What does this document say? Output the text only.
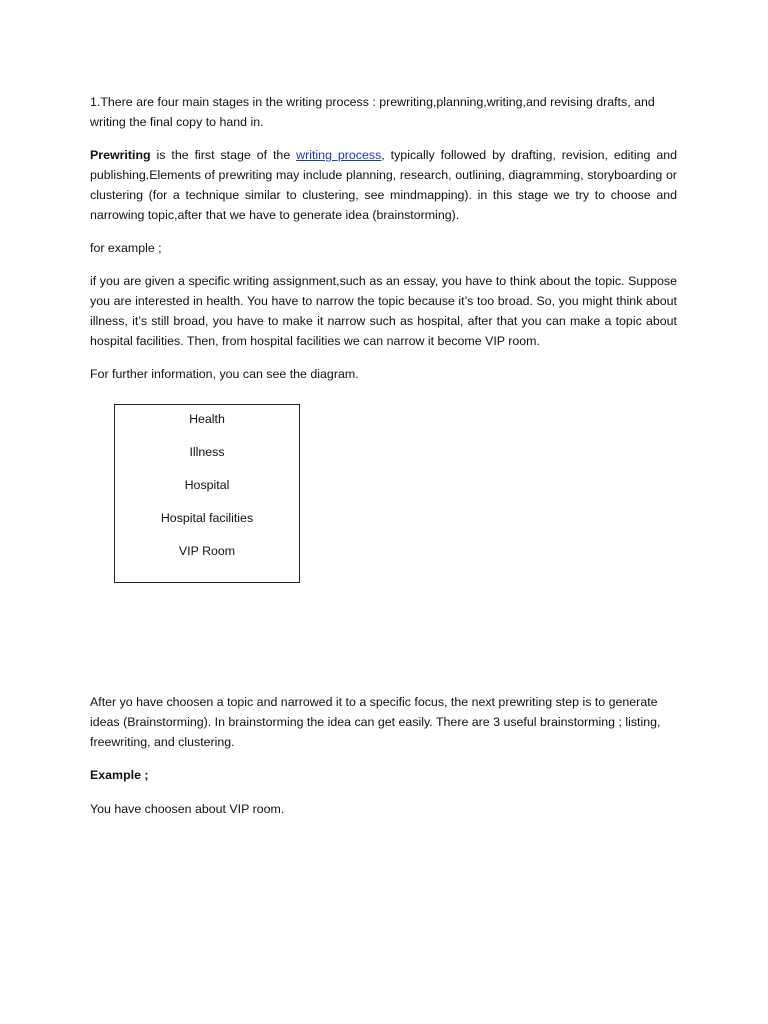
1.There are four main stages in the writing process : prewriting,planning,writing,and revising drafts, and writing the final copy to hand in.

Prewriting is the first stage of the writing process, typically followed by drafting, revision, editing and publishing.Elements of prewriting may include planning, research, outlining, diagramming, storyboarding or clustering (for a technique similar to clustering, see mindmapping). in this stage we try to choose and narrowing topic,after that we have to generate idea (brainstorming).

for example ;

if you are given a specific writing assignment,such as an essay, you have to think about the topic. Suppose you are interested in health. You have to narrow the topic because it’s too broad. So, you might think about illness, it’s still broad, you have to make it narrow such as hospital, after that you can make a topic about hospital facilities. Then, from hospital facilities we can narrow it become VIP room.

For further information, you can see the diagram.

Health
Illness
Hospital
Hospital facilities
VIP Room

After yo have choosen a topic and narrowed it to a specific focus, the next prewriting step is to generate ideas (Brainstorming). In brainstorming the idea can get easily. There are 3 useful brainstorming ; listing, freewriting, and clustering.

Example ;

You have choosen about VIP room.
